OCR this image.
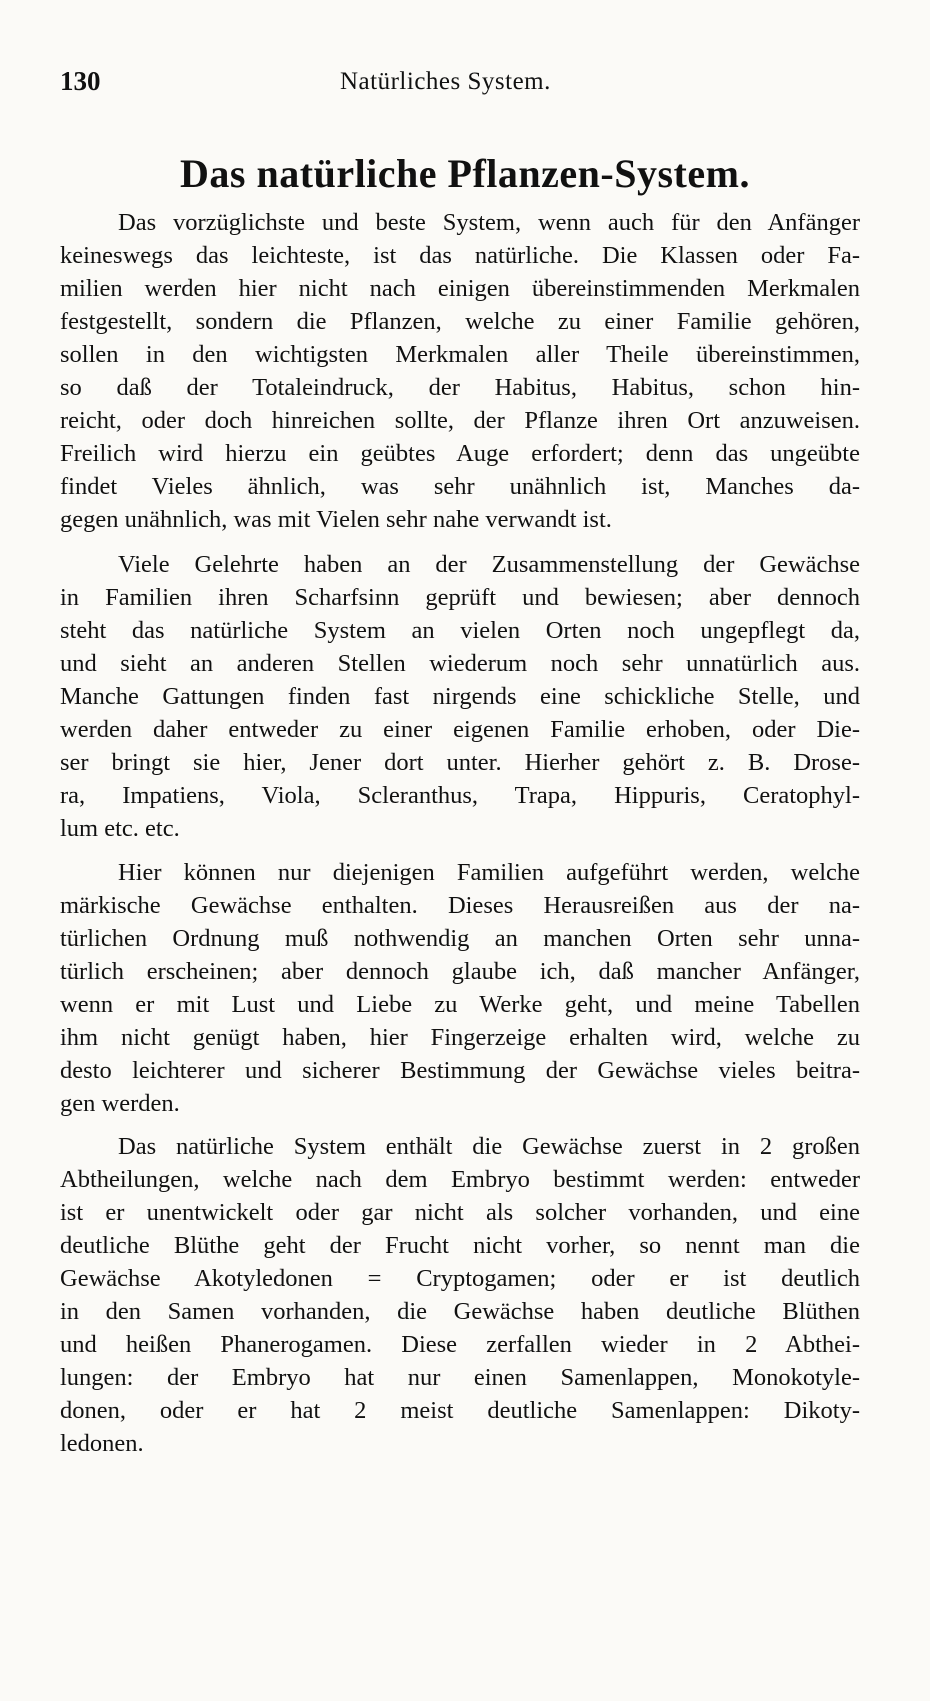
130	Natürliches System.
Das natürliche Pflanzen-System.
Das vorzüglichste und beste System, wenn auch für den Anfänger
keineswegs das leichteste, ist das natürliche. Die Klassen oder Fa-
milien werden hier nicht nach einigen übereinstimmenden Merkmalen
festgestellt, sondern die Pflanzen, welche zu einer Familie gehören,
sollen in den wichtigsten Merkmalen aller Theile übereinstimmen,
so daß der Totaleindruck, der Habitus, Habitus, schon hin-
reicht, oder doch hinreichen sollte, der Pflanze ihren Ort anzuweisen.
Freilich wird hierzu ein geübtes Auge erfordert; denn das ungeübte
findet Vieles ähnlich, was sehr unähnlich ist, Manches da-
gegen unähnlich, was mit Vielen sehr nahe verwandt ist.
Viele Gelehrte haben an der Zusammenstellung der Gewächse
in Familien ihren Scharfsinn geprüft und bewiesen; aber dennoch
steht das natürliche System an vielen Orten noch ungepflegt da,
und sieht an anderen Stellen wiederum noch sehr unnatürlich aus.
Manche Gattungen finden fast nirgends eine schickliche Stelle, und
werden daher entweder zu einer eigenen Familie erhoben, oder Die-
ser bringt sie hier, Jener dort unter. Hierher gehört z. B. Drose-
ra, Impatiens, Viola, Scleranthus, Trapa, Hippuris, Ceratophyl-
lum etc. etc.
Hier können nur diejenigen Familien aufgeführt werden, welche
märkische Gewächse enthalten. Dieses Herausreißen aus der na-
türlichen Ordnung muß nothwendig an manchen Orten sehr unna-
türlich erscheinen; aber dennoch glaube ich, daß mancher Anfänger,
wenn er mit Lust und Liebe zu Werke geht, und meine Tabellen
ihm nicht genügt haben, hier Fingerzeige erhalten wird, welche zu
desto leichterer und sicherer Bestimmung der Gewächse vieles beitra-
gen werden.
Das natürliche System enthält die Gewächse zuerst in 2 großen
Abtheilungen, welche nach dem Embryo bestimmt werden: entweder
ist er unentwickelt oder gar nicht als solcher vorhanden, und eine
deutliche Blüthe geht der Frucht nicht vorher, so nennt man die
Gewächse Akotyledonen = Cryptogamen; oder er ist deutlich
in den Samen vorhanden, die Gewächse haben deutliche Blüthen
und heißen Phanerogamen. Diese zerfallen wieder in 2 Abthei-
lungen: der Embryo hat nur einen Samenlappen, Monokotyle-
donen, oder er hat 2 meist deutliche Samenlappen: Dikoty-
ledonen.
